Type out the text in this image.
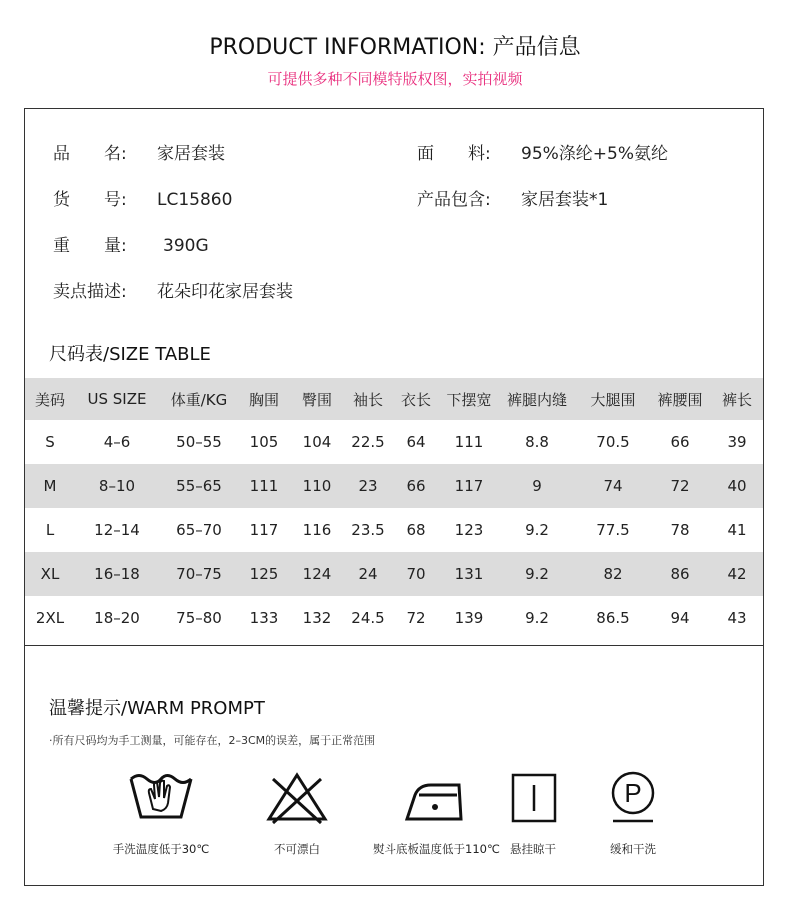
PRODUCT INFORMATION: 产品信息
可提供多种不同模特版权图，实拍视频
品　　名: 家居套装	面　　料: 95%涤纶+5%氨纶
货　　号: LC15860	产品包含: 家居套装*1
重　　量: 390G
卖点描述: 花朵印花家居套装
尺码表/SIZE TABLE
美码	US SIZE	体重/KG	胸围	臀围	袖长	衣长	下摆宽	裤腿内缝	大腿围	裤腰围	裤长
S	4–6	50–55	105	104	22.5	64	111	8.8	70.5	66	39
M	8–10	55–65	111	110	23	66	117	9	74	72	40
L	12–14	65–70	117	116	23.5	68	123	9.2	77.5	78	41
XL	16–18	70–75	125	124	24	70	131	9.2	82	86	42
2XL	18–20	75–80	133	132	24.5	72	139	9.2	86.5	94	43
温馨提示/WARM PROMPT
·所有尺码均为手工测量，可能存在，2–3CM的误差，属于正常范围
手洗温度低于30℃	不可漂白	熨斗底板温度低于110℃ 悬挂晾干
P
缓和干洗
